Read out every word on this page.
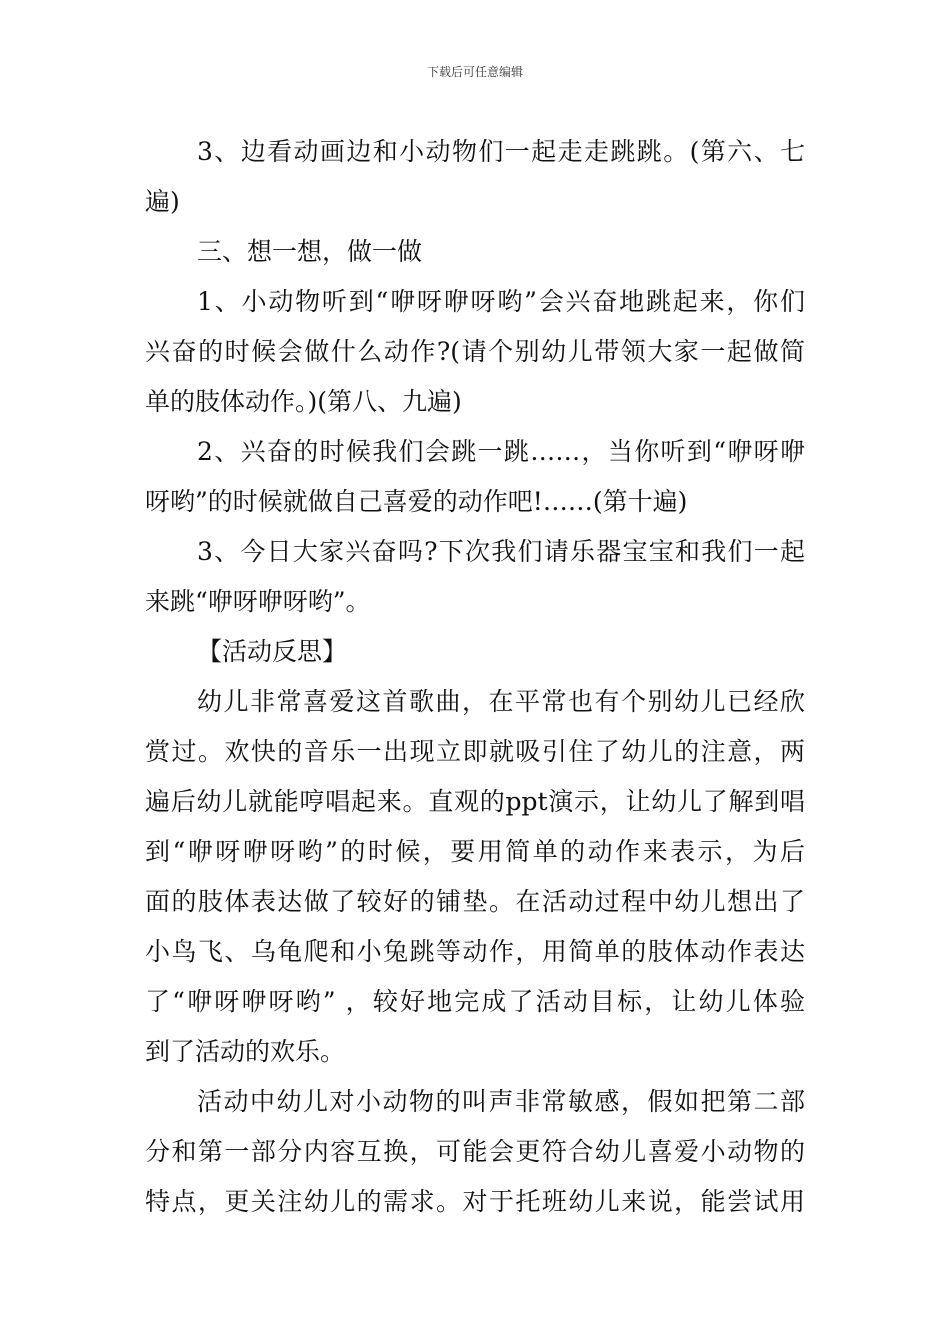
下载后可任意编辑
3、边看动画边和小动物们一起走走跳跳。(第六、七
遍)
三、想一想，做一做
1、小动物听到“咿呀咿呀哟”会兴奋地跳起来，你们
兴奋的时候会做什么动作?(请个别幼儿带领大家一起做简
单的肢体动作。)(第八、九遍)
2、兴奋的时候我们会跳一跳……，当你听到“咿呀咿
呀哟”的时候就做自己喜爱的动作吧!……(第十遍)
3、今日大家兴奋吗?下次我们请乐器宝宝和我们一起
来跳“咿呀咿呀哟”。
【活动反思】
幼儿非常喜爱这首歌曲，在平常也有个别幼儿已经欣
赏过。欢快的音乐一出现立即就吸引住了幼儿的注意，两
遍后幼儿就能哼唱起来。直观的ppt演示，让幼儿了解到唱
到“咿呀咿呀哟”的时候，要用简单的动作来表示，为后
面的肢体表达做了较好的铺垫。在活动过程中幼儿想出了
小鸟飞、乌龟爬和小兔跳等动作，用简单的肢体动作表达
了“咿呀咿呀哟” ，较好地完成了活动目标，让幼儿体验
到了活动的欢乐。
活动中幼儿对小动物的叫声非常敏感，假如把第二部
分和第一部分内容互换，可能会更符合幼儿喜爱小动物的
特点，更关注幼儿的需求。对于托班幼儿来说，能尝试用
